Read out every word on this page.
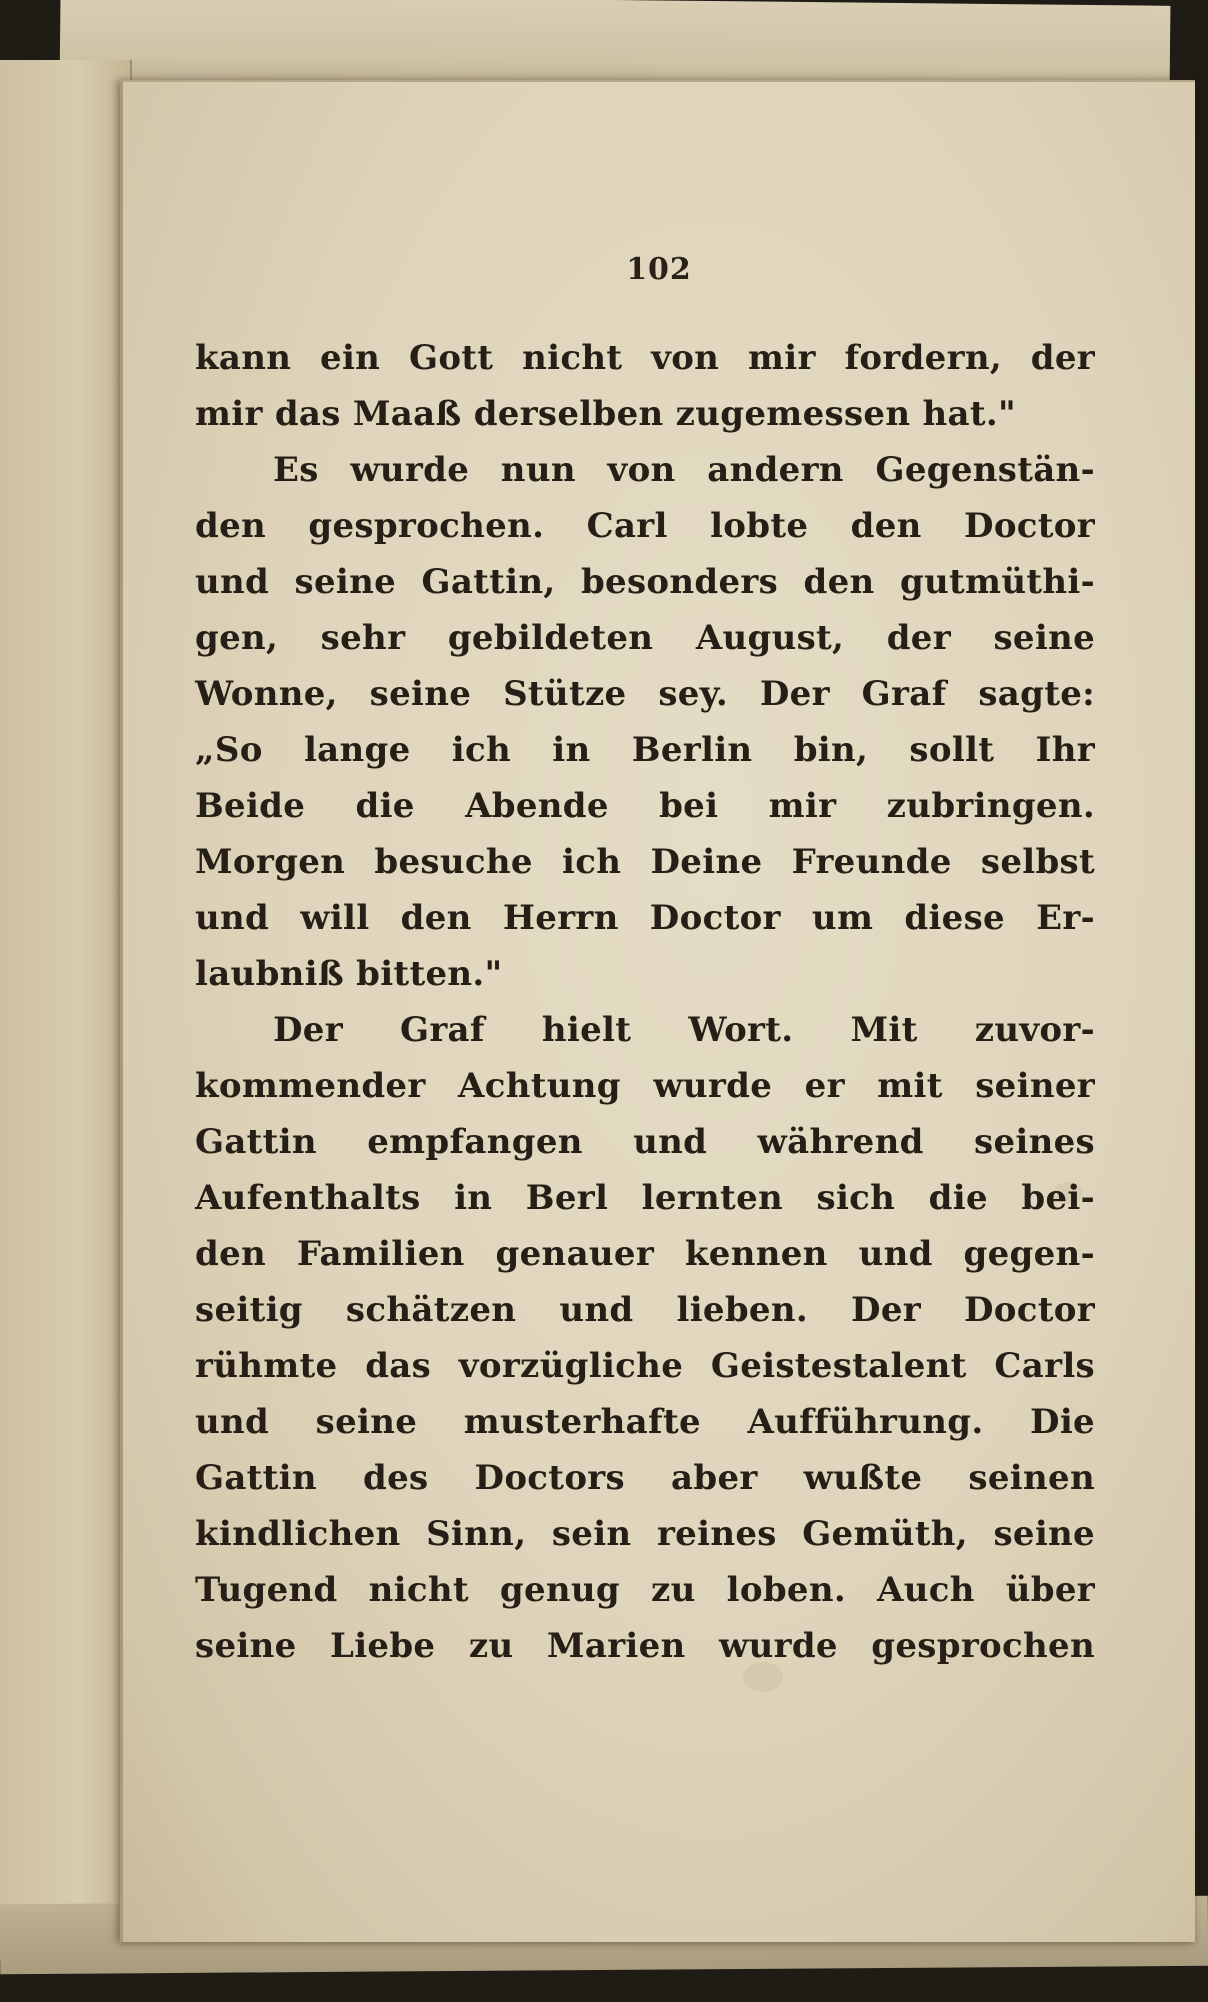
102
kann ein Gott nicht von mir fordern, der
mir das Maaß derselben zugemessen hat."
Es wurde nun von andern Gegenstän-
den gesprochen. Carl lobte den Doctor
und seine Gattin, besonders den gutmüthi-
gen, sehr gebildeten August, der seine
Wonne, seine Stütze sey. Der Graf sagte:
„So lange ich in Berlin bin, sollt Ihr
Beide die Abende bei mir zubringen.
Morgen besuche ich Deine Freunde selbst
und will den Herrn Doctor um diese Er-
laubniß bitten."
Der Graf hielt Wort. Mit zuvor-
kommender Achtung wurde er mit seiner
Gattin empfangen und während seines
Aufenthalts in Berl lernten sich die bei-
den Familien genauer kennen und gegen-
seitig schätzen und lieben. Der Doctor
rühmte das vorzügliche Geistestalent Carls
und seine musterhafte Aufführung. Die
Gattin des Doctors aber wußte seinen
kindlichen Sinn, sein reines Gemüth, seine
Tugend nicht genug zu loben. Auch über
seine Liebe zu Marien wurde gesprochen
